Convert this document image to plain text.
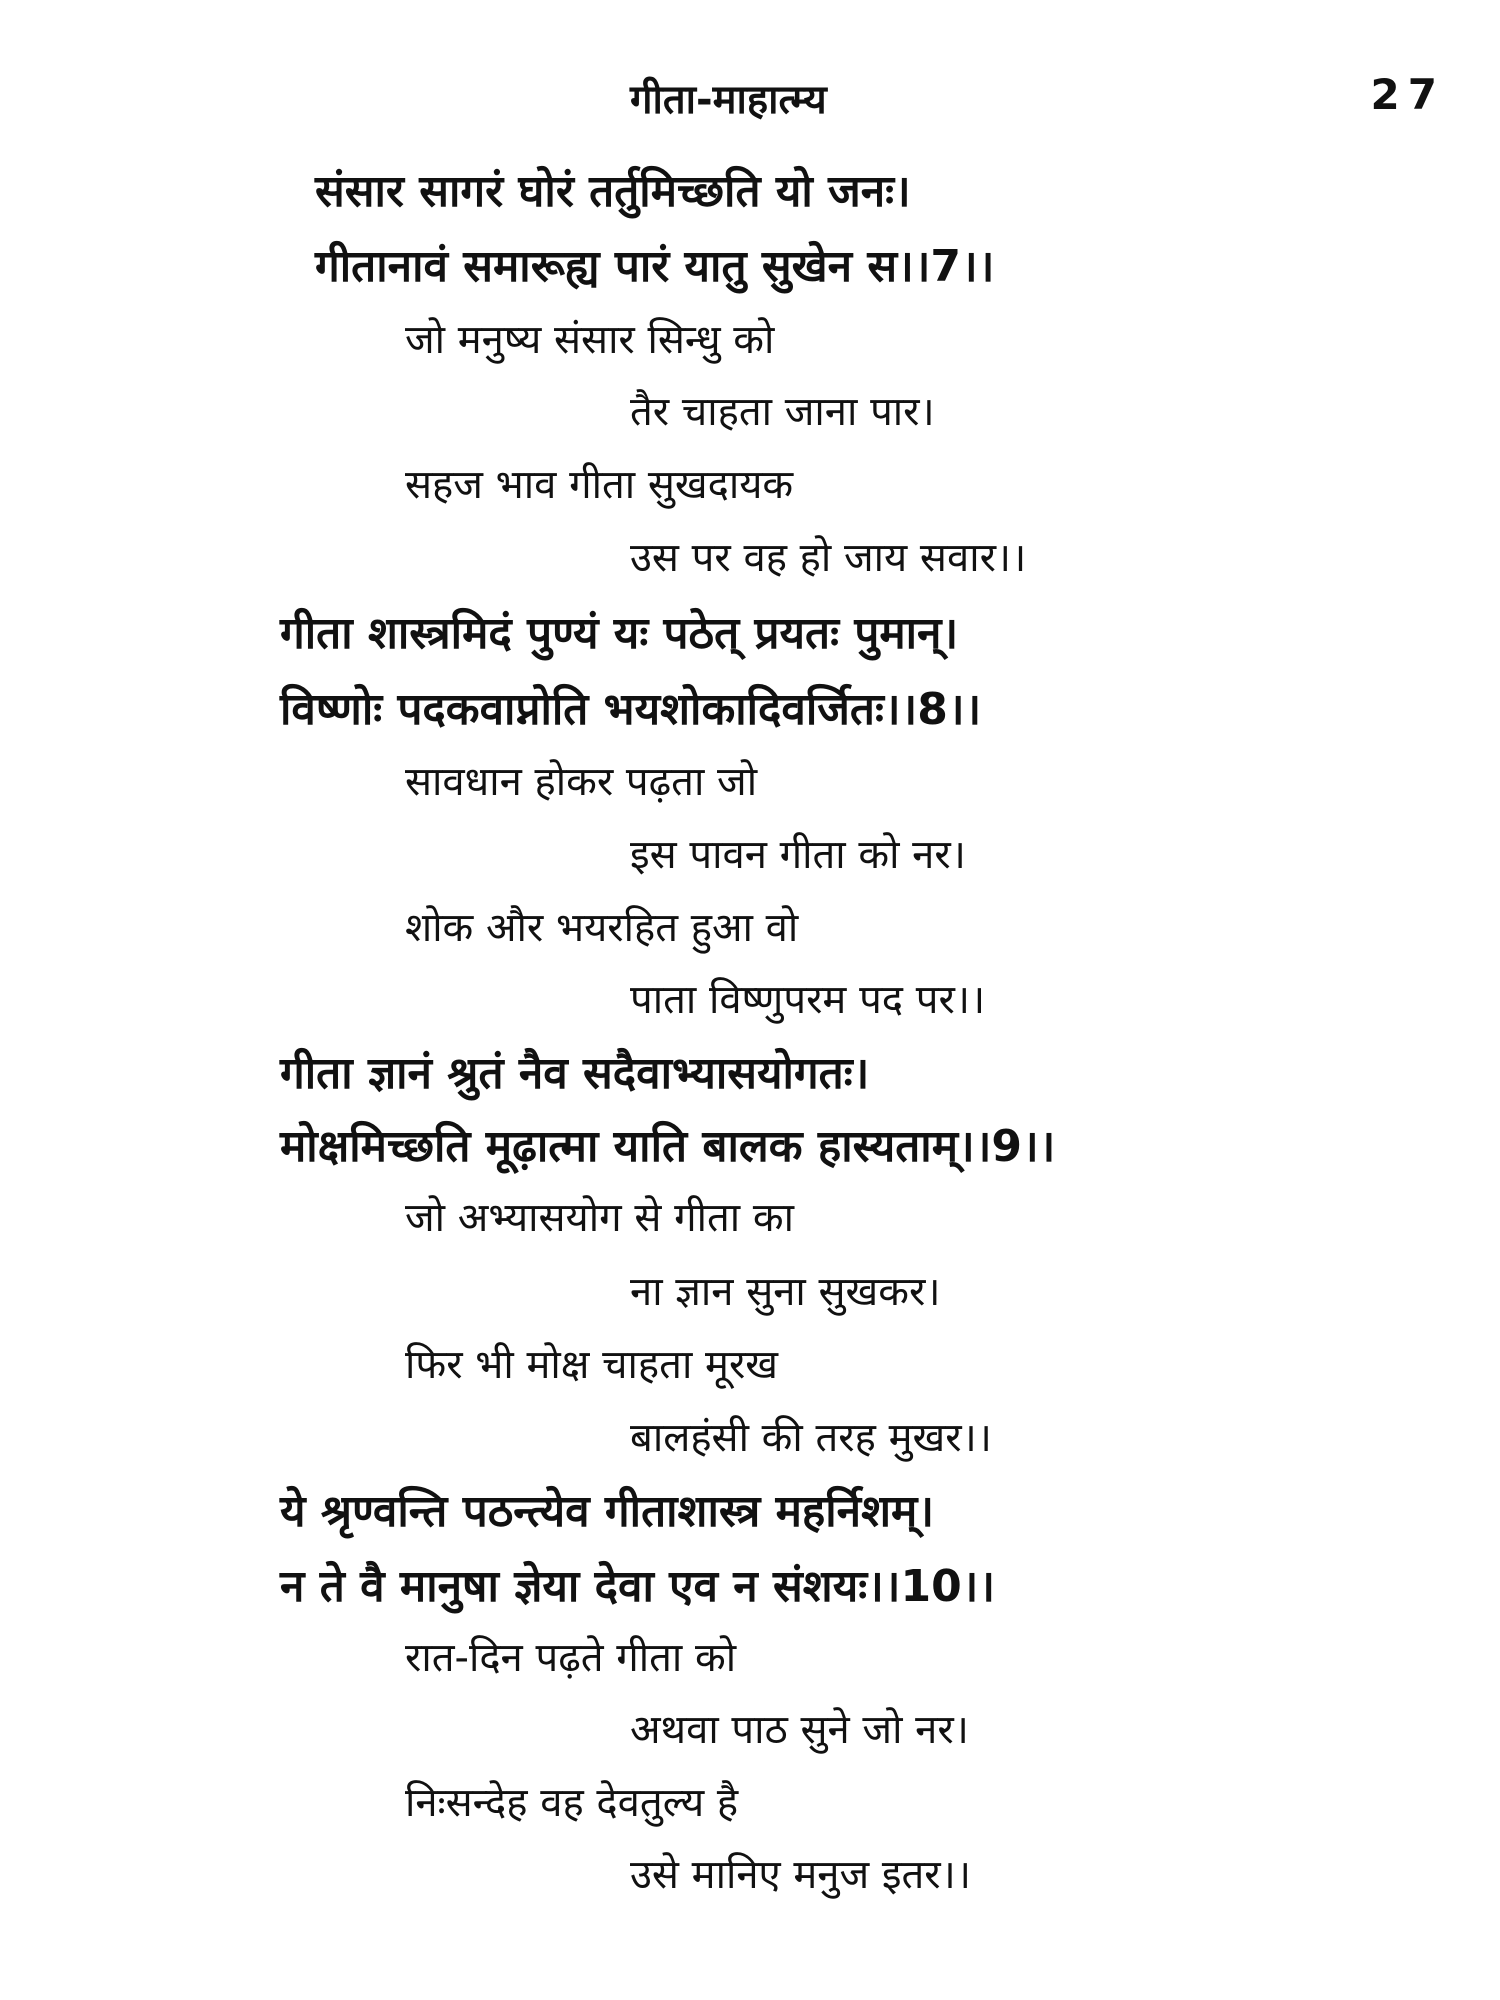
गीता-माहात्म्य	27
संसार सागरं घोरं तर्तुमिच्छति यो जनः।
गीतानावं समारूह्य पारं यातु सुखेन स।।7।।
जो मनुष्य संसार सिन्धु को
तैर चाहता जाना पार।
सहज भाव गीता सुखदायक
उस पर वह हो जाय सवार।।
गीता शास्त्रमिदं पुण्यं यः पठेत् प्रयतः पुमान्।
विष्णोः पदकवाप्नोति भयशोकादिवर्जितः।।8।।
सावधान होकर पढ़ता जो
इस पावन गीता को नर।
शोक और भयरहित हुआ वो
पाता विष्णुपरम पद पर।।
गीता ज्ञानं श्रुतं नैव सदैवाभ्यासयोगतः।
मोक्षमिच्छति मूढ़ात्मा याति बालक हास्यताम्।।9।।
जो अभ्यासयोग से गीता का
ना ज्ञान सुना सुखकर।
फिर भी मोक्ष चाहता मूरख
बालहंसी की तरह मुखर।।
ये श्रृण्वन्ति पठन्त्येव गीताशास्त्र महर्निशम्।
न ते वै मानुषा ज्ञेया देवा एव न संशयः।।10।।
रात-दिन पढ़ते गीता को
अथवा पाठ सुने जो नर।
निःसन्देह वह देवतुल्य है
उसे मानिए मनुज इतर।।
